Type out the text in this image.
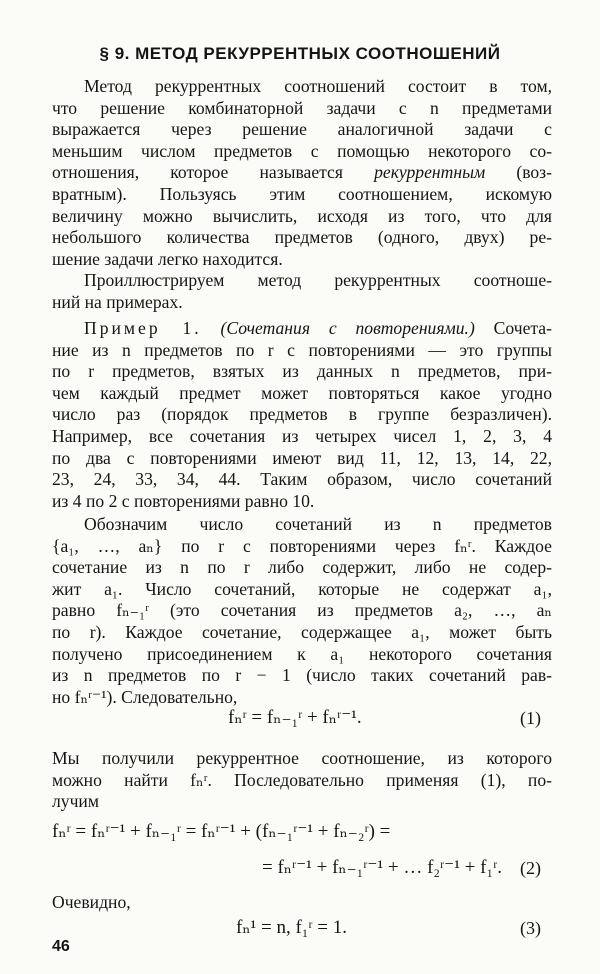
§ 9. МЕТОД РЕКУРРЕНТНЫХ СООТНОШЕНИЙ
Метод рекуррентных соотношений состоит в том,
что решение комбинаторной задачи с n предметами
выражается через решение аналогичной задачи с
меньшим числом предметов с помощью некоторого со-
отношения, которое называется рекуррентным (воз-
вратным). Пользуясь этим соотношением, искомую
величину можно вычислить, исходя из того, что для
небольшого количества предметов (одного, двух) ре-
шение задачи легко находится.
Проиллюстрируем метод рекуррентных соотноше-
ний на примерах.
Пример 1. (Сочетания с повторениями.) Сочета-
ние из n предметов по r с повторениями — это группы
по r предметов, взятых из данных n предметов, при-
чем каждый предмет может повторяться какое угодно
число раз (порядок предметов в группе безразличен).
Например, все сочетания из четырех чисел 1, 2, 3, 4
по два с повторениями имеют вид 11, 12, 13, 14, 22,
23, 24, 33, 34, 44. Таким образом, число сочетаний
из 4 по 2 с повторениями равно 10.
Обозначим число сочетаний из n предметов
{a₁, …, aₙ} по r с повторениями через fₙʳ. Каждое
сочетание из n по r либо содержит, либо не содер-
жит a₁. Число сочетаний, которые не содержат a₁,
равно fₙ₋₁ʳ (это сочетания из предметов a₂, …, aₙ
по r). Каждое сочетание, содержащее a₁, может быть
получено присоединением к a₁ некоторого сочетания
из n предметов по r − 1 (число таких сочетаний рав-
но fₙʳ⁻¹). Следовательно,
fₙʳ = fₙ₋₁ʳ + fₙʳ⁻¹.	(1)
Мы получили рекуррентное соотношение, из которого
можно найти fₙʳ. Последовательно применяя (1), по-
лучим
fₙʳ = fₙʳ⁻¹ + fₙ₋₁ʳ = fₙʳ⁻¹ + (fₙ₋₁ʳ⁻¹ + fₙ₋₂ʳ) =
= fₙʳ⁻¹ + fₙ₋₁ʳ⁻¹ + … f₂ʳ⁻¹ + f₁ʳ. (2)
Очевидно,
fₙ¹ = n, f₁ʳ = 1.	(3)
46
